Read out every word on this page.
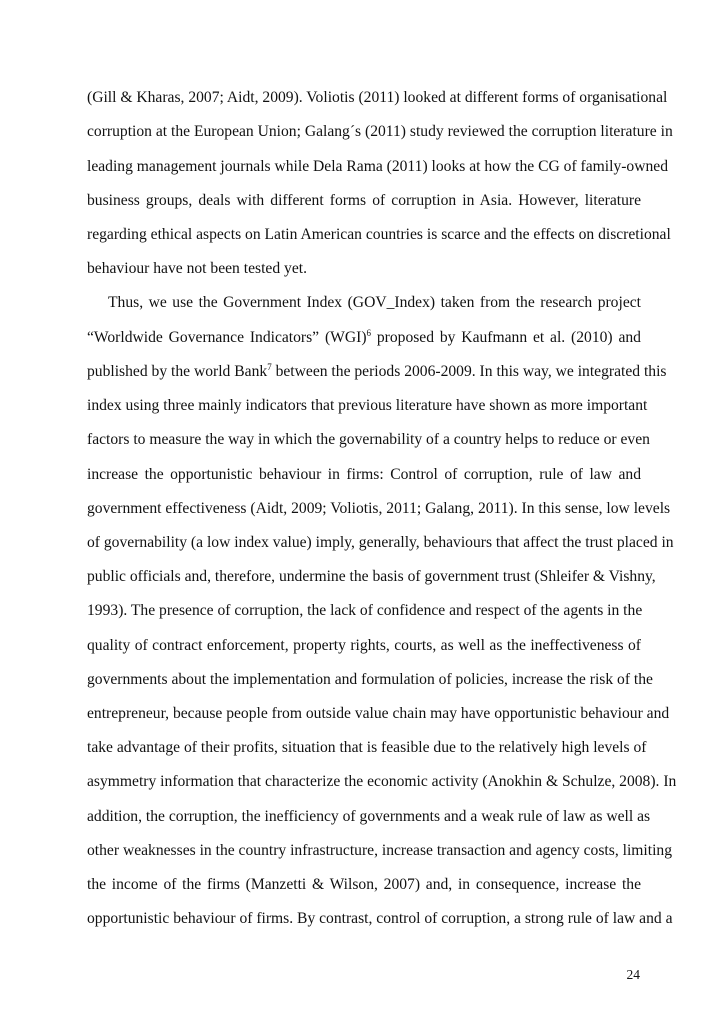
(Gill & Kharas, 2007; Aidt, 2009). Voliotis (2011) looked at different forms of organisational
corruption at the European Union; Galang´s (2011) study reviewed the corruption literature in
leading management journals while Dela Rama (2011) looks at how the CG of family-owned
business groups, deals with different forms of corruption in Asia. However, literature
regarding ethical aspects on Latin American countries is scarce and the effects on discretional
behaviour have not been tested yet.
Thus, we use the Government Index (GOV_Index) taken from the research project
“Worldwide Governance Indicators” (WGI)$^6$ proposed by Kaufmann et al. (2010) and
published by the world Bank$^7$ between the periods 2006-2009. In this way, we integrated this
index using three mainly indicators that previous literature have shown as more important
factors to measure the way in which the governability of a country helps to reduce or even
increase the opportunistic behaviour in firms: Control of corruption, rule of law and
government effectiveness (Aidt, 2009; Voliotis, 2011; Galang, 2011). In this sense, low levels
of governability (a low index value) imply, generally, behaviours that affect the trust placed in
public officials and, therefore, undermine the basis of government trust (Shleifer & Vishny,
1993). The presence of corruption, the lack of confidence and respect of the agents in the
quality of contract enforcement, property rights, courts, as well as the ineffectiveness of
governments about the implementation and formulation of policies, increase the risk of the
entrepreneur, because people from outside value chain may have opportunistic behaviour and
take advantage of their profits, situation that is feasible due to the relatively high levels of
asymmetry information that characterize the economic activity (Anokhin & Schulze, 2008). In
addition, the corruption, the inefficiency of governments and a weak rule of law as well as
other weaknesses in the country infrastructure, increase transaction and agency costs, limiting
the income of the firms (Manzetti & Wilson, 2007) and, in consequence, increase the
opportunistic behaviour of firms. By contrast, control of corruption, a strong rule of law and a
24
